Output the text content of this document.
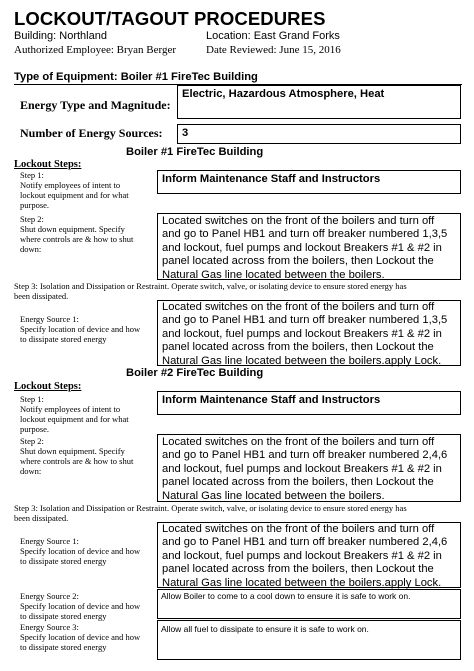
LOCKOUT/TAGOUT PROCEDURES
Building: Northland	Location: East Grand Forks
Authorized Employee: Bryan Berger	Date Reviewed: June 15, 2016
Type of Equipment: Boiler #1 FireTec Building
Energy Type and Magnitude:
Electric, Hazardous Atmosphere, Heat
Number of Energy Sources:	3
Boiler #1 FireTec Building
Lockout Steps:
Step 1:
Notify employees of intent to
lockout equipment and for what
purpose.
Inform Maintenance Staff and Instructors
Step 2:
Shut down equipment. Specify
where controls are & how to shut
down:
Located switches on the front of the boilers and turn off
and go to Panel HB1 and turn off breaker numbered 1,3,5
and lockout, fuel pumps and lockout Breakers #1 & #2 in
panel located across from the boilers, then Lockout the
Natural Gas line located between the boilers.
Step 3: Isolation and Dissipation or Restraint. Operate switch, valve, or isolating device to ensure stored energy has
been dissipated.
Energy Source 1:
Specify location of device and how
to dissipate stored energy
Located switches on the front of the boilers and turn off
and go to Panel HB1 and turn off breaker numbered 1,3,5
and lockout, fuel pumps and lockout Breakers #1 & #2 in
panel located across from the boilers, then Lockout the
Natural Gas line located between the boilers.apply Lock.
Boiler #2 FireTec Building
Lockout Steps:
Step 1:
Notify employees of intent to
lockout equipment and for what
purpose.
Inform Maintenance Staff and Instructors
Step 2:
Shut down equipment. Specify
where controls are & how to shut
down:
Located switches on the front of the boilers and turn off
and go to Panel HB1 and turn off breaker numbered 2,4,6
and lockout, fuel pumps and lockout Breakers #1 & #2 in
panel located across from the boilers, then Lockout the
Natural Gas line located between the boilers.
Step 3: Isolation and Dissipation or Restraint. Operate switch, valve, or isolating device to ensure stored energy has
been dissipated.
Energy Source 1:
Specify location of device and how
to dissipate stored energy
Located switches on the front of the boilers and turn off
and go to Panel HB1 and turn off breaker numbered 2,4,6
and lockout, fuel pumps and lockout Breakers #1 & #2 in
panel located across from the boilers, then Lockout the
Natural Gas line located between the boilers.apply Lock.
Energy Source 2:
Specify location of device and how
to dissipate stored energy
Allow Boiler to come to a cool down to ensure it is safe to work on.
Energy Source 3:
Specify location of device and how
to dissipate stored energy
Allow all fuel to dissipate to ensure it is safe to work on.
